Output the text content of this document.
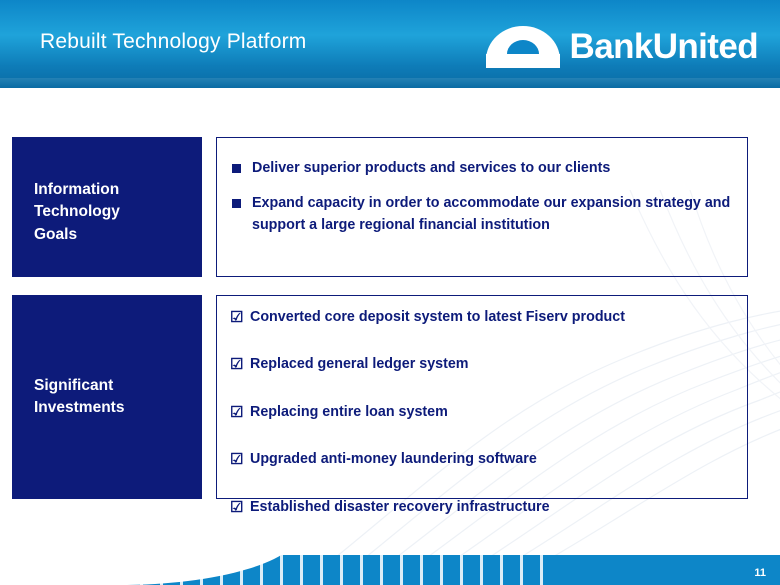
Rebuilt Technology Platform	BankUnited
Information
Technology
Goals
Deliver superior products and services to our clients
Expand capacity in order to accommodate our expansion strategy and support a large regional financial institution
Significant
Investments
☑ Converted core deposit system to latest Fiserv product
☑ Replaced general ledger system
☑ Replacing entire loan system
☑ Upgraded anti-money laundering software
☑ Established disaster recovery infrastructure
11
